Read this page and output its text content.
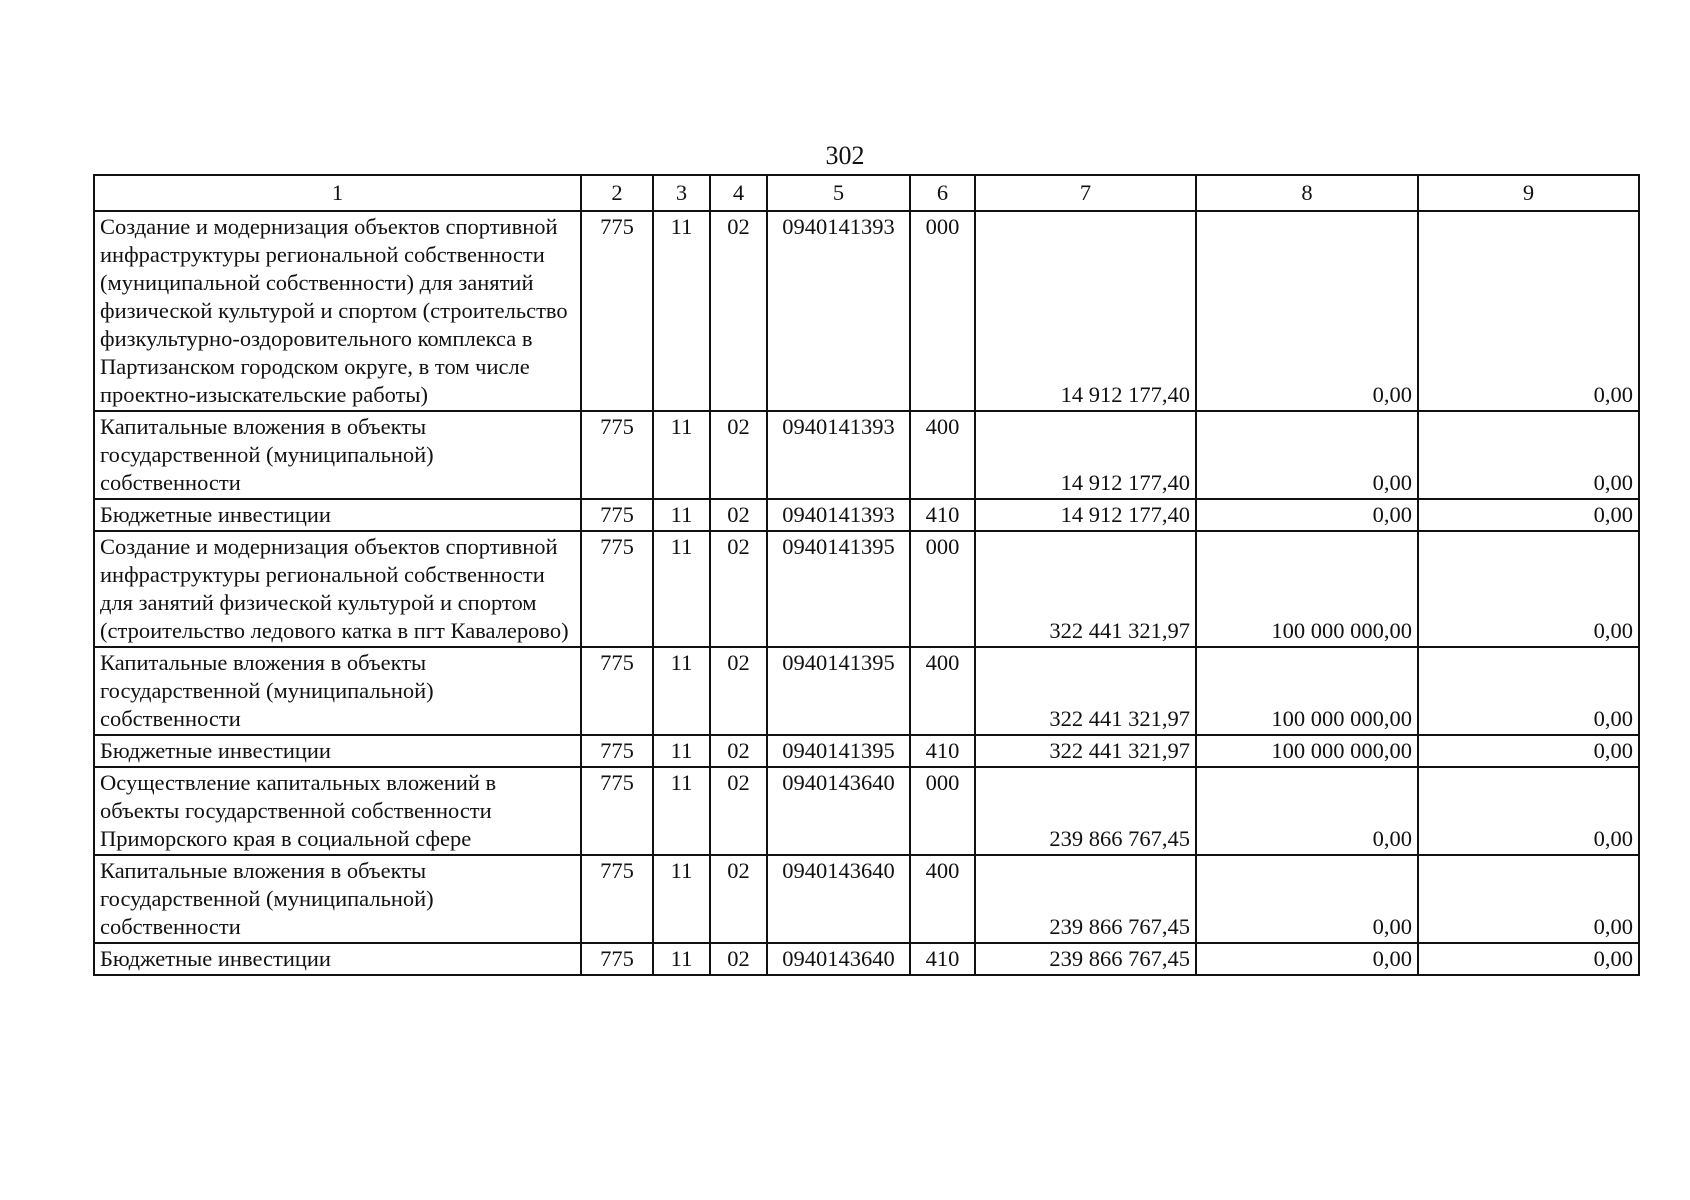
302
1	2	3	4	5	6	7	8	9
Создание и модернизация объектов спортивной инфраструктуры региональной собственности (муниципальной собственности) для занятий физической культурой и спортом (строительство физкультурно-оздоровительного комплекса в Партизанском городском округе, в том числе проектно-изыскательские работы)	775	11	02	0940141393	000	14 912 177,40	0,00	0,00
Капитальные вложения в объекты государственной (муниципальной) собственности	775	11	02	0940141393	400	14 912 177,40	0,00	0,00
Бюджетные инвестиции	775	11	02	0940141393	410	14 912 177,40	0,00	0,00
Создание и модернизация объектов спортивной инфраструктуры региональной собственности для занятий физической культурой и спортом (строительство ледового катка в пгт Кавалерово)	775	11	02	0940141395	000	322 441 321,97	100 000 000,00	0,00
Капитальные вложения в объекты государственной (муниципальной) собственности	775	11	02	0940141395	400	322 441 321,97	100 000 000,00	0,00
Бюджетные инвестиции	775	11	02	0940141395	410	322 441 321,97	100 000 000,00	0,00
Осуществление капитальных вложений в объекты государственной собственности Приморского края в социальной сфере	775	11	02	0940143640	000	239 866 767,45	0,00	0,00
Капитальные вложения в объекты государственной (муниципальной) собственности	775	11	02	0940143640	400	239 866 767,45	0,00	0,00
Бюджетные инвестиции	775	11	02	0940143640	410	239 866 767,45	0,00	0,00
